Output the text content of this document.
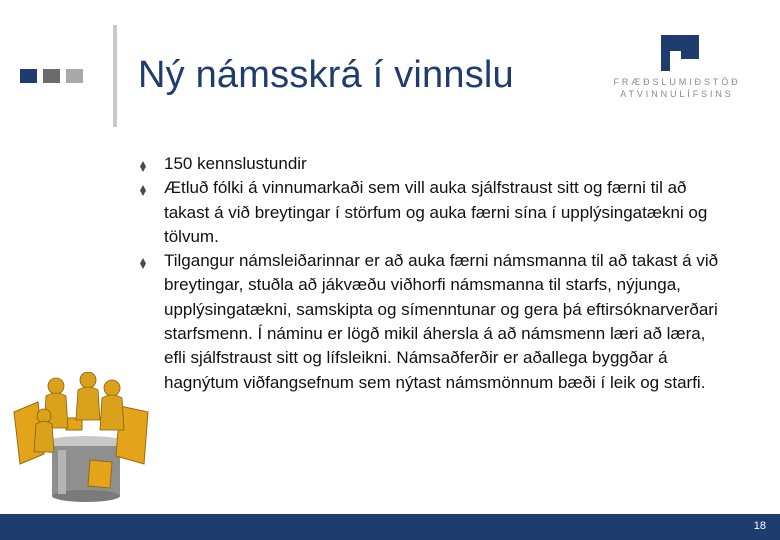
Ný námsskrá í vinnslu	FRÆÐSLUMIÐSTÖÐ
ATVINNULÍFSINS
150 kennslustundir
Ætluð fólki á vinnumarkaði sem vill auka sjálfstraust sitt og færni til að takast á við breytingar í störfum og auka færni sína í upplýsingatækni og tölvum.
Tilgangur námsleiðarinnar er að auka færni námsmanna til að takast á við breytingar, stuðla að jákvæðu viðhorfi námsmanna til starfs, nýjunga, upplýsingatækni, samskipta og símenntunar og gera þá eftirsóknarverðari starfsmenn. Í náminu er lögð mikil áhersla á að námsmenn læri að læra, efli sjálfstraust sitt og lífsleikni. Námsaðferðir er aðallega byggðar á hagnýtum viðfangsefnum sem nýtast námsmönnum bæði í leik og starfi.
18
